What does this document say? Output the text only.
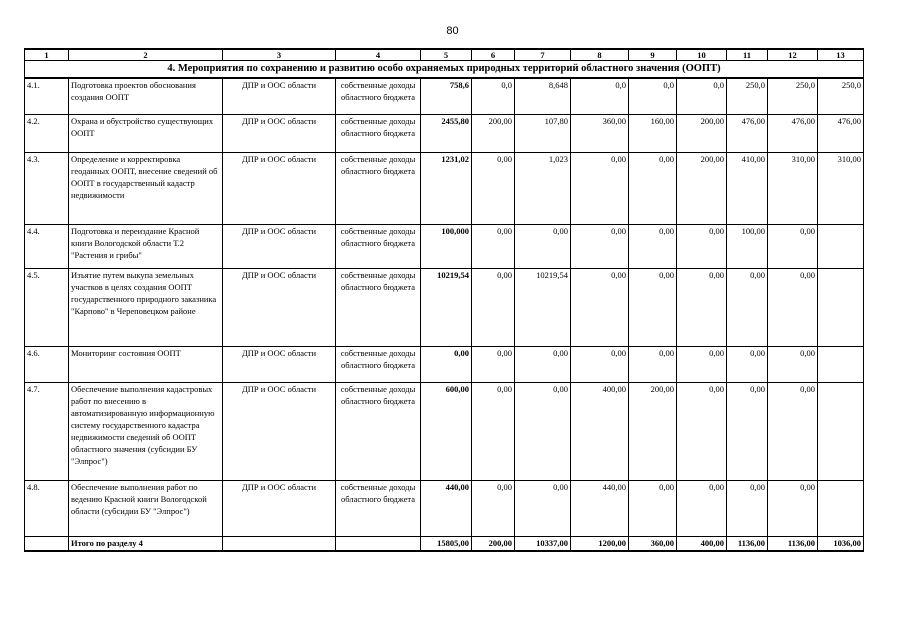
80
1	2	3	4	5	6	7	8	9	10	11	12	13
4. Мероприятия по сохранению и развитию особо охраняемых природных территорий областного значения (ООПТ)												
4.1.	Подготовка проектов обоснования создания ООПТ	ДПР и ООС области	собственные доходы областного бюджета	758,6	0,0	8,648	0,0	0,0	0,0	250,0	250,0	250,0
4.2.	Охрана и обустройство существующих ООПТ	ДПР и ООС области	собственные доходы областного бюджета	2455,80	200,00	107,80	360,00	160,00	200,00	476,00	476,00	476,00
4.3.	Определение и корректировка геоданных ООПТ, внесение сведений об ООПТ в государственный кадастр недвижимости	ДПР и ООС области	собственные доходы областного бюджета	1231,02	0,00	1,023	0,00	0,00	200,00	410,00	310,00	310,00
4.4.	Подготовка и переиздание Красной книги Вологодской области Т.2 "Растения и грибы"	ДПР и ООС области	собственные доходы областного бюджета	100,000	0,00	0,00	0,00	0,00	0,00	100,00	0,00	
4.5.	Изъятие путем выкупа земельных участков в целях создания ООПТ государственного природного заказника "Карпово" в Череповецком районе	ДПР и ООС области	собственные доходы областного бюджета	10219,54	0,00	10219,54	0,00	0,00	0,00	0,00	0,00	
4.6.	Мониторинг состояния ООПТ	ДПР и ООС области	собственные доходы областного бюджета	0,00	0,00	0,00	0,00	0,00	0,00	0,00	0,00	
4.7.	Обеспечение выполнения кадастровых работ по внесению в автоматизированную информационную систему государственного кадастра недвижимости сведений об ООПТ областного значения (субсидии БУ "Элпрос")	ДПР и ООС области	собственные доходы областного бюджета	600,00	0,00	0,00	400,00	200,00	0,00	0,00	0,00	
4.8.	Обеспечение выполнения работ по ведению Красной книги Вологодской области (субсидии БУ "Элпрос")	ДПР и ООС области	собственные доходы областного бюджета	440,00	0,00	0,00	440,00	0,00	0,00	0,00	0,00	
	Итого по разделу 4			15805,00	200,00	10337,00	1200,00	360,00	400,00	1136,00	1136,00	1036,00
